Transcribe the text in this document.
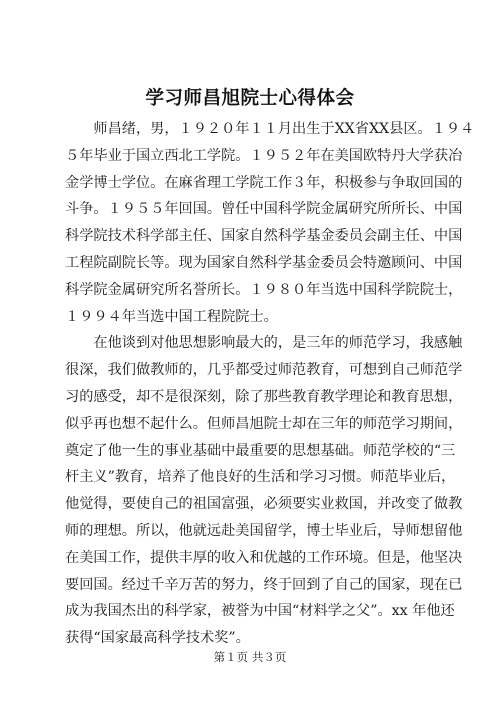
学习师昌旭院士心得体会
　　师昌绪，男，１９２０年１１月出生于XX省XX县区。１９４
５年毕业于国立西北工学院。１９５２年在美国欧特丹大学获冶
金学博士学位。在麻省理工学院工作３年，积极参与争取回国的
斗争。１９５５年回国。曾任中国科学院金属研究所所长、中国
科学院技术科学部主任、国家自然科学基金委员会副主任、中国
工程院副院长等。现为国家自然科学基金委员会特邀顾问、中国
科学院金属研究所名誉所长。１９８０年当选中国科学院院士，
１９９４年当选中国工程院院士。
　　在他谈到对他思想影响最大的，是三年的师范学习，我感触
很深，我们做教师的，几乎都受过师范教育，可想到自己师范学
习的感受，却不是很深刻，除了那些教育教学理论和教育思想，
似乎再也想不起什么。但师昌旭院士却在三年的师范学习期间，
奠定了他一生的事业基础中最重要的思想基础。师范学校的“三
杆主义”教育，培养了他良好的生活和学习习惯。师范毕业后，
他觉得，要使自己的祖国富强，必须要实业救国，并改变了做教
师的理想。所以，他就远赴美国留学，博士毕业后，导师想留他
在美国工作，提供丰厚的收入和优越的工作环境。但是，他坚决
要回国。经过千辛万苦的努力，终于回到了自己的国家，现在已
成为我国杰出的科学家，被誉为中国“材料学之父”。xx 年他还
获得“国家最高科学技术奖”。
第１页 共３页
